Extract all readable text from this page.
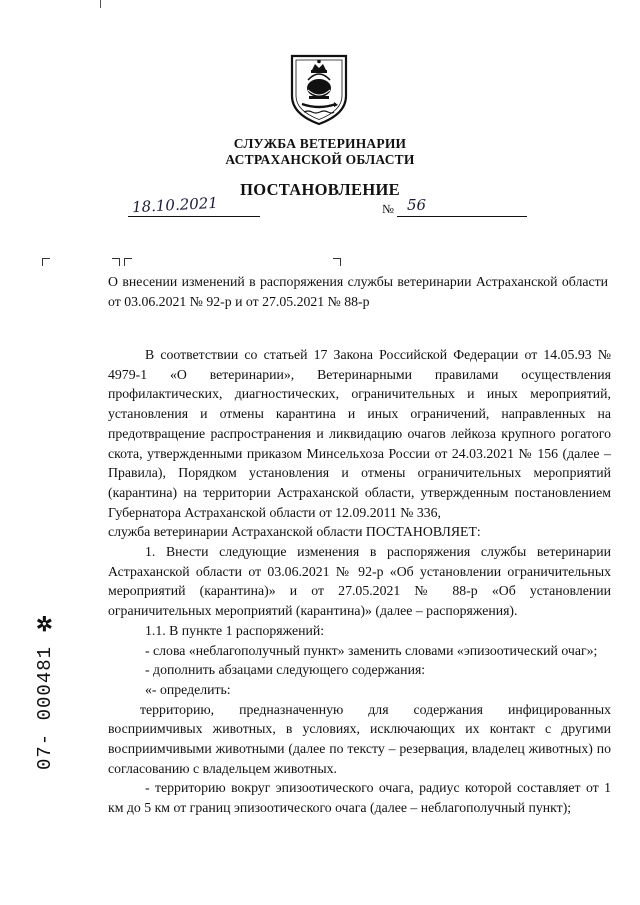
СЛУЖБА ВЕТЕРИНАРИИ
АСТРАХАНСКОЙ ОБЛАСТИ
ПОСТАНОВЛЕНИЕ
18.10.2021	№ 56
О внесении изменений в распоряжения службы ветеринарии Астраханской области от 03.06.2021 № 92-р и от 27.05.2021 № 88-р

В соответствии со статьей 17 Закона Российской Федерации от 14.05.93 № 4979-1 «О ветеринарии», Ветеринарными правилами осуществления профилактических, диагностических, ограничительных и иных мероприятий, установления и отмены карантина и иных ограничений, направленных на предотвращение распространения и ликвидацию очагов лейкоза крупного рогатого скота, утвержденными приказом Минсельхоза России от 24.03.2021 № 156 (далее – Правила), Порядком установления и отмены ограничительных мероприятий (карантина) на территории Астраханской области, утвержденным постановлением Губернатора Астраханской области от 12.09.2011 № 336,

служба ветеринарии Астраханской области ПОСТАНОВЛЯЕТ:

1. Внести следующие изменения в распоряжения службы ветеринарии Астраханской области от 03.06.2021 № 92-р «Об установлении ограничительных мероприятий (карантина)» и от 27.05.2021 № 88-р «Об установлении ограничительных мероприятий (карантина)» (далее – распоряжения).

1.1. В пункте 1 распоряжений:

- слова «неблагополучный пункт» заменить словами «эпизоотический очаг»;

- дополнить абзацами следующего содержания:

«- определить:

территорию, предназначенную для содержания инфицированных восприимчивых животных, в условиях, исключающих их контакт с другими восприимчивыми животными (далее по тексту – резервация, владелец животных) по согласованию с владельцем животных.

- территорию вокруг эпизоотического очага, радиус которой составляет от 1 км до 5 км от границ эпизоотического очага (далее – неблагополучный пункт);

✲
07- 000481
